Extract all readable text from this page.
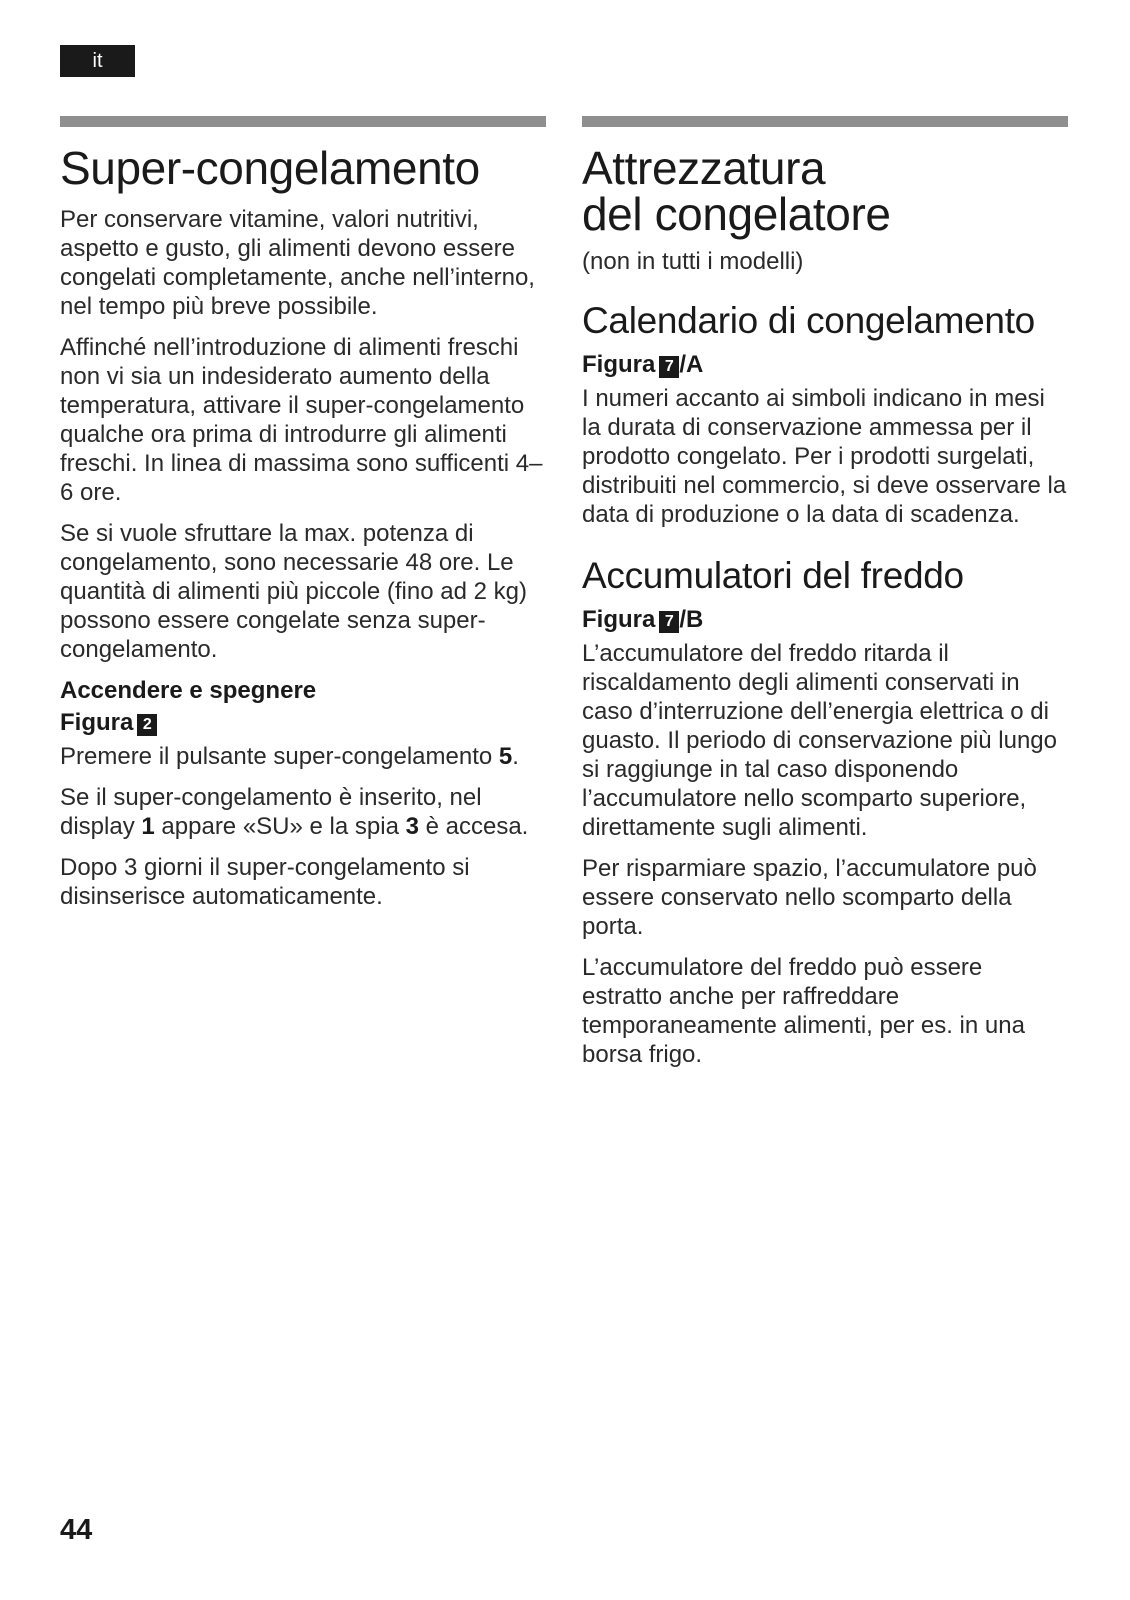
it
Super-congelamento

Per conservare vitamine, valori nutritivi, aspetto e gusto, gli alimenti devono essere congelati completamente, anche nell’interno, nel tempo più breve possibile.

Affinché nell’introduzione di alimenti freschi non vi sia un indesiderato aumento della temperatura, attivare il super-congelamento qualche ora prima di introdurre gli alimenti freschi. In linea di massima sono sufficenti 4–6 ore.

Se si vuole sfruttare la max. potenza di congelamento, sono necessarie 48 ore. Le quantità di alimenti più piccole (fino ad 2 kg) possono essere congelate senza super-congelamento.

Accendere e spegnere
Figura 2

Premere il pulsante super-congelamento 5.

Se il super-congelamento è inserito, nel display 1 appare «SU» e la spia 3 è accesa.

Dopo 3 giorni il super-congelamento si disinserisce automaticamente.

Attrezzatura
del congelatore

(non in tutti i modelli)

Calendario di congelamento
Figura 7 /A

I numeri accanto ai simboli indicano in mesi la durata di conservazione ammessa per il prodotto congelato. Per i prodotti surgelati, distribuiti nel commercio, si deve osservare la data di produzione o la data di scadenza.

Accumulatori del freddo
Figura 7 /B

L’accumulatore del freddo ritarda il riscaldamento degli alimenti conservati in caso d’interruzione dell’energia elettrica o di guasto. Il periodo di conservazione più lungo si raggiunge in tal caso disponendo l’accumulatore nello scomparto superiore, direttamente sugli alimenti.

Per risparmiare spazio, l’accumulatore può essere conservato nello scomparto della porta.

L’accumulatore del freddo può essere estratto anche per raffreddare temporaneamente alimenti, per es. in una borsa frigo.

44
